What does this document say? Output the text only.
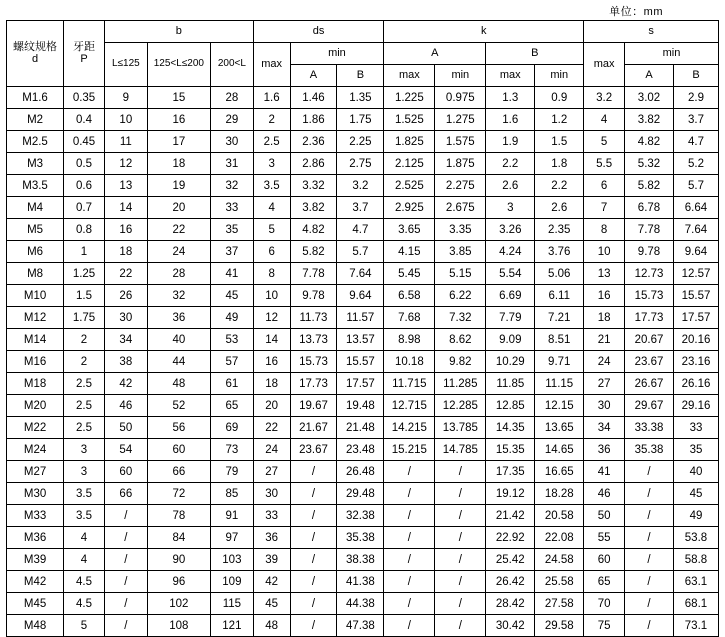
单位：mm
螺纹规格
d	牙距
P	b			ds			k				s		
		L≤125	125<L≤200	200<L	max	min		A		B		max	min	
						A	B	max	min	max	min		A	B
M1.6	0.35	9	15	28	1.6	1.46	1.35	1.225	0.975	1.3	0.9	3.2	3.02	2.9
M2	0.4	10	16	29	2	1.86	1.75	1.525	1.275	1.6	1.2	4	3.82	3.7
M2.5	0.45	11	17	30	2.5	2.36	2.25	1.825	1.575	1.9	1.5	5	4.82	4.7
M3	0.5	12	18	31	3	2.86	2.75	2.125	1.875	2.2	1.8	5.5	5.32	5.2
M3.5	0.6	13	19	32	3.5	3.32	3.2	2.525	2.275	2.6	2.2	6	5.82	5.7
M4	0.7	14	20	33	4	3.82	3.7	2.925	2.675	3	2.6	7	6.78	6.64
M5	0.8	16	22	35	5	4.82	4.7	3.65	3.35	3.26	2.35	8	7.78	7.64
M6	1	18	24	37	6	5.82	5.7	4.15	3.85	4.24	3.76	10	9.78	9.64
M8	1.25	22	28	41	8	7.78	7.64	5.45	5.15	5.54	5.06	13	12.73	12.57
M10	1.5	26	32	45	10	9.78	9.64	6.58	6.22	6.69	6.11	16	15.73	15.57
M12	1.75	30	36	49	12	11.73	11.57	7.68	7.32	7.79	7.21	18	17.73	17.57
M14	2	34	40	53	14	13.73	13.57	8.98	8.62	9.09	8.51	21	20.67	20.16
M16	2	38	44	57	16	15.73	15.57	10.18	9.82	10.29	9.71	24	23.67	23.16
M18	2.5	42	48	61	18	17.73	17.57	11.715	11.285	11.85	11.15	27	26.67	26.16
M20	2.5	46	52	65	20	19.67	19.48	12.715	12.285	12.85	12.15	30	29.67	29.16
M22	2.5	50	56	69	22	21.67	21.48	14.215	13.785	14.35	13.65	34	33.38	33
M24	3	54	60	73	24	23.67	23.48	15.215	14.785	15.35	14.65	36	35.38	35
M27	3	60	66	79	27	/	26.48	/	/	17.35	16.65	41	/	40
M30	3.5	66	72	85	30	/	29.48	/	/	19.12	18.28	46	/	45
M33	3.5	/	78	91	33	/	32.38	/	/	21.42	20.58	50	/	49
M36	4	/	84	97	36	/	35.38	/	/	22.92	22.08	55	/	53.8
M39	4	/	90	103	39	/	38.38	/	/	25.42	24.58	60	/	58.8
M42	4.5	/	96	109	42	/	41.38	/	/	26.42	25.58	65	/	63.1
M45	4.5	/	102	115	45	/	44.38	/	/	28.42	27.58	70	/	68.1
M48	5	/	108	121	48	/	47.38	/	/	30.42	29.58	75	/	73.1
